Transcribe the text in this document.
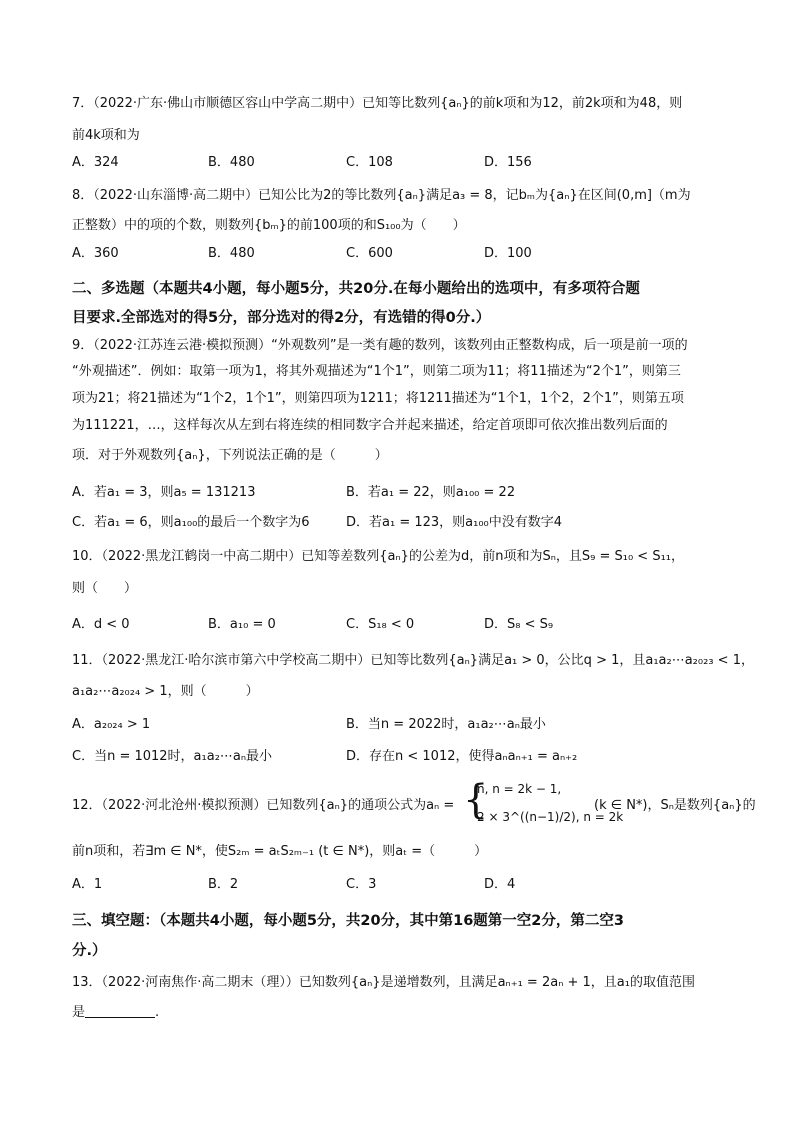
7．（2022·广东·佛山市顺德区容山中学高二期中）已知等比数列{aₙ}的前k项和为12，前2k项和为48，则
前4k项和为
A．324	B．480	C．108	D．156
8．（2022·山东淄博·高二期中）已知公比为2的等比数列{aₙ}满足a₃ = 8，记bₘ为{aₙ}在区间(0,m]（m为
正整数）中的项的个数，则数列{bₘ}的前100项的和S₁₀₀为（　　）
A．360	B．480	C．600	D．100
二、多选题（本题共4小题，每小题5分，共20分.在每小题给出的选项中，有多项符合题
目要求.全部选对的得5分，部分选对的得2分，有选错的得0分.）
9．（2022·江苏连云港·模拟预测）“外观数列”是一类有趣的数列，该数列由正整数构成，后一项是前一项的
“外观描述”．例如：取第一项为1，将其外观描述为“1个1”，则第二项为11；将11描述为“2个1”，则第三
项为21；将21描述为“1个2，1个1”，则第四项为1211；将1211描述为“1个1，1个2，2个1”，则第五项
为111221，…，这样每次从左到右将连续的相同数字合并起来描述，给定首项即可依次推出数列后面的
项．对于外观数列{aₙ}，下列说法正确的是（　　　）
A．若a₁ = 3，则a₅ = 131213	B．若a₁ = 22，则a₁₀₀ = 22
C．若a₁ = 6，则a₁₀₀的最后一个数字为6	D．若a₁ = 123，则a₁₀₀中没有数字4
10．（2022·黑龙江鹤岗一中高二期中）已知等差数列{aₙ}的公差为d，前n项和为Sₙ，且S₉ = S₁₀ < S₁₁，
则（　　）
A．d < 0	B．a₁₀ = 0	C．S₁₈ < 0	D．S₈ < S₉
11．（2022·黑龙江·哈尔滨市第六中学校高二期中）已知等比数列{aₙ}满足a₁ > 0，公比q > 1，且a₁a₂⋯a₂₀₂₃ < 1，
a₁a₂⋯a₂₀₂₄ > 1，则（　　　）
A．a₂₀₂₄ > 1	B．当n = 2022时，a₁a₂⋯aₙ最小
C．当n = 1012时，a₁a₂⋯aₙ最小	D．存在n < 1012，使得aₙaₙ₊₁ = aₙ₊₂
12．（2022·河北沧州·模拟预测）已知数列{aₙ}的通项公式为aₙ = {
n, n = 2k − 1,
2 × 3^((n−1)/2), n = 2k
(k ∈ N*)，Sₙ是数列{aₙ}的
前n项和，若∃m ∈ N*，使S₂ₘ = aₜS₂ₘ₋₁ (t ∈ N*)，则aₜ =（　　　）
A．1	B．2	C．3	D．4
三、填空题：（本题共4小题，每小题5分，共20分，其中第16题第一空2分，第二空3
分.）
13．（2022·河南焦作·高二期末（理））已知数列{aₙ}是递增数列，且满足aₙ₊₁ = 2aₙ + 1，且a₁的取值范围
是	.
